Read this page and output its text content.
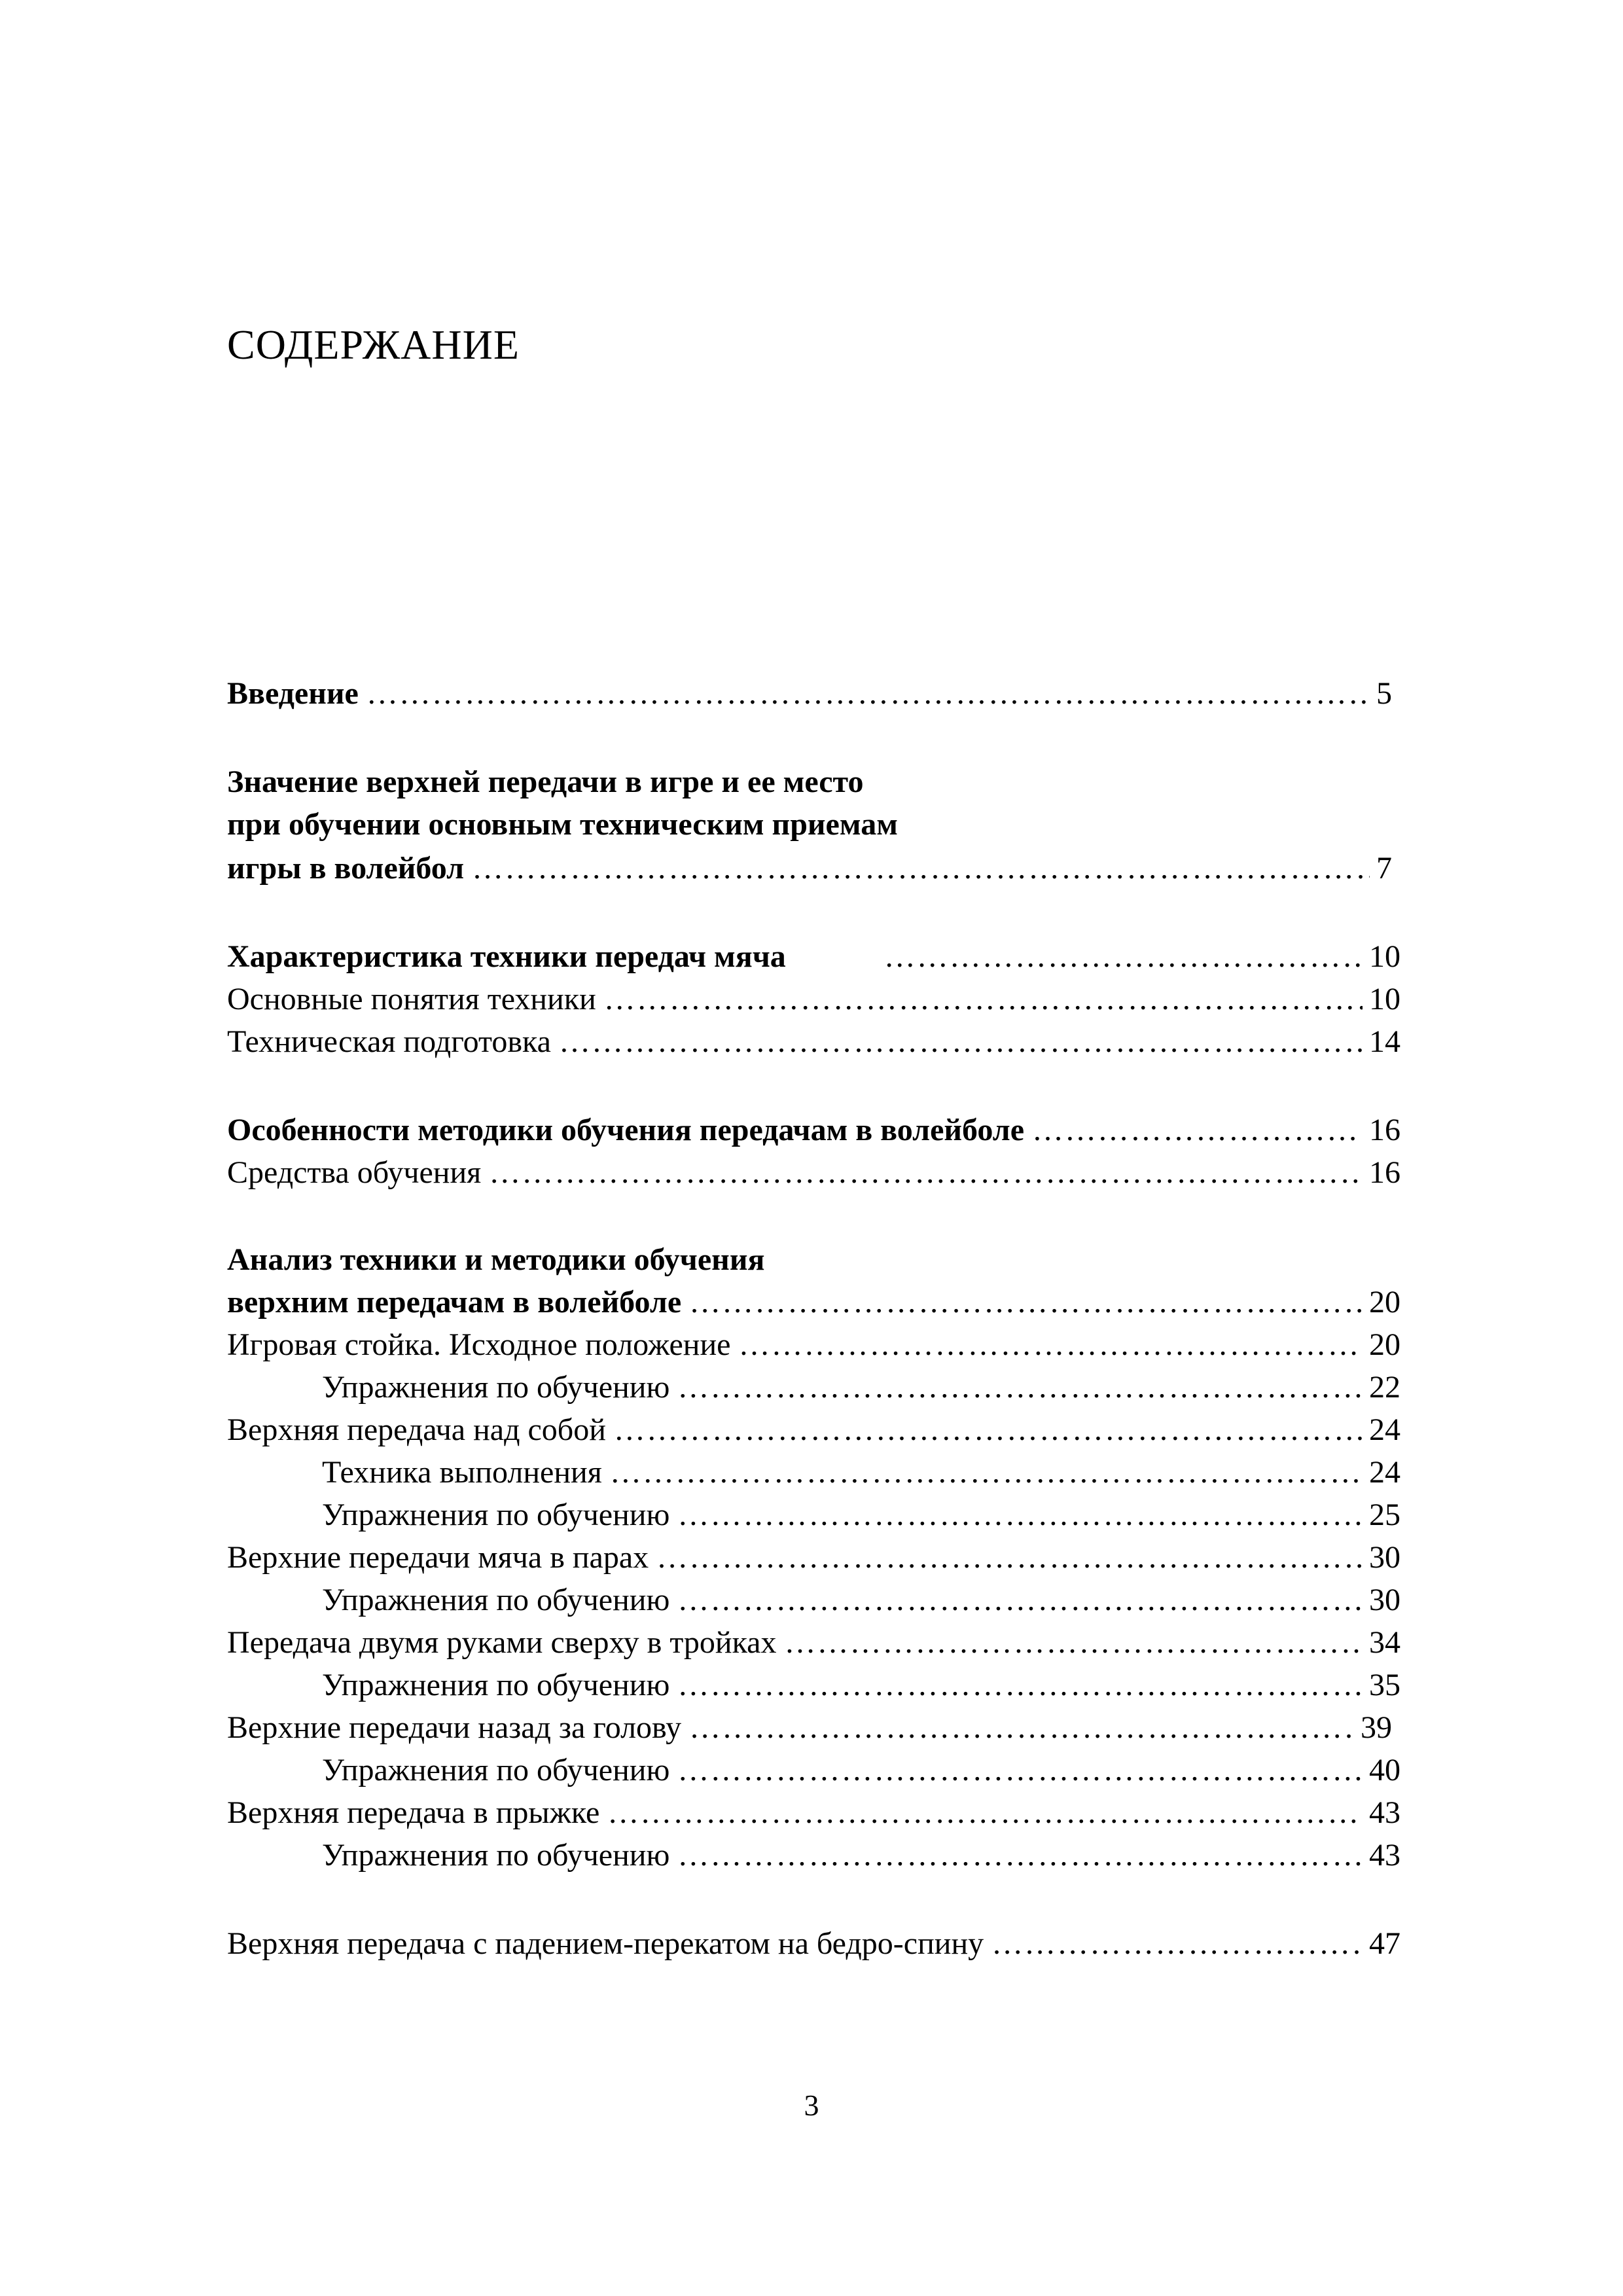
СОДЕРЖАНИЕ
Введение ………………………………………………………………………………………………………………………………………………………………………………………………………………………………	5
Значение верхней передачи в игре и ее место
при обучении основным техническим приемам
игры в волейбол ………………………………………………………………………………………………………………………………………………………………………………………………………………………………	7
Характеристика техники передач мяча ………………………………………………………………………………………………………………………………………………………………………………………………………………………………	10
Основные понятия техники ………………………………………………………………………………………………………………………………………………………………………………………………………………………………	10
Техническая подготовка ………………………………………………………………………………………………………………………………………………………………………………………………………………………………	14
Особенности методики обучения передачам в волейболе ………………………………………………………………………………………………………………………………………………………………………………………………………………………………	16
Средства обучения ………………………………………………………………………………………………………………………………………………………………………………………………………………………………	16
Анализ техники и методики обучения
верхним передачам в волейболе ………………………………………………………………………………………………………………………………………………………………………………………………………………………………	20
Игровая стойка. Исходное положение ………………………………………………………………………………………………………………………………………………………………………………………………………………………………	20
Упражнения по обучению ………………………………………………………………………………………………………………………………………………………………………………………………………………………………	22
Верхняя передача над собой ………………………………………………………………………………………………………………………………………………………………………………………………………………………………	24
Техника выполнения ………………………………………………………………………………………………………………………………………………………………………………………………………………………………	24
Упражнения по обучению ………………………………………………………………………………………………………………………………………………………………………………………………………………………………	25
Верхние передачи мяча в парах ………………………………………………………………………………………………………………………………………………………………………………………………………………………………	30
Упражнения по обучению ………………………………………………………………………………………………………………………………………………………………………………………………………………………………	30
Передача двумя руками сверху в тройках ………………………………………………………………………………………………………………………………………………………………………………………………………………………………	34
Упражнения по обучению ………………………………………………………………………………………………………………………………………………………………………………………………………………………………	35
Верхние передачи назад за голову ………………………………………………………………………………………………………………………………………………………………………………………………………………………………	39
Упражнения по обучению ………………………………………………………………………………………………………………………………………………………………………………………………………………………………	40
Верхняя передача в прыжке ………………………………………………………………………………………………………………………………………………………………………………………………………………………………	43
Упражнения по обучению ………………………………………………………………………………………………………………………………………………………………………………………………………………………………	43
Верхняя передача с падением-перекатом на бедро-спину ………………………………………………………………………………………………………………………………………………………………………………………………………………………………	47
3
